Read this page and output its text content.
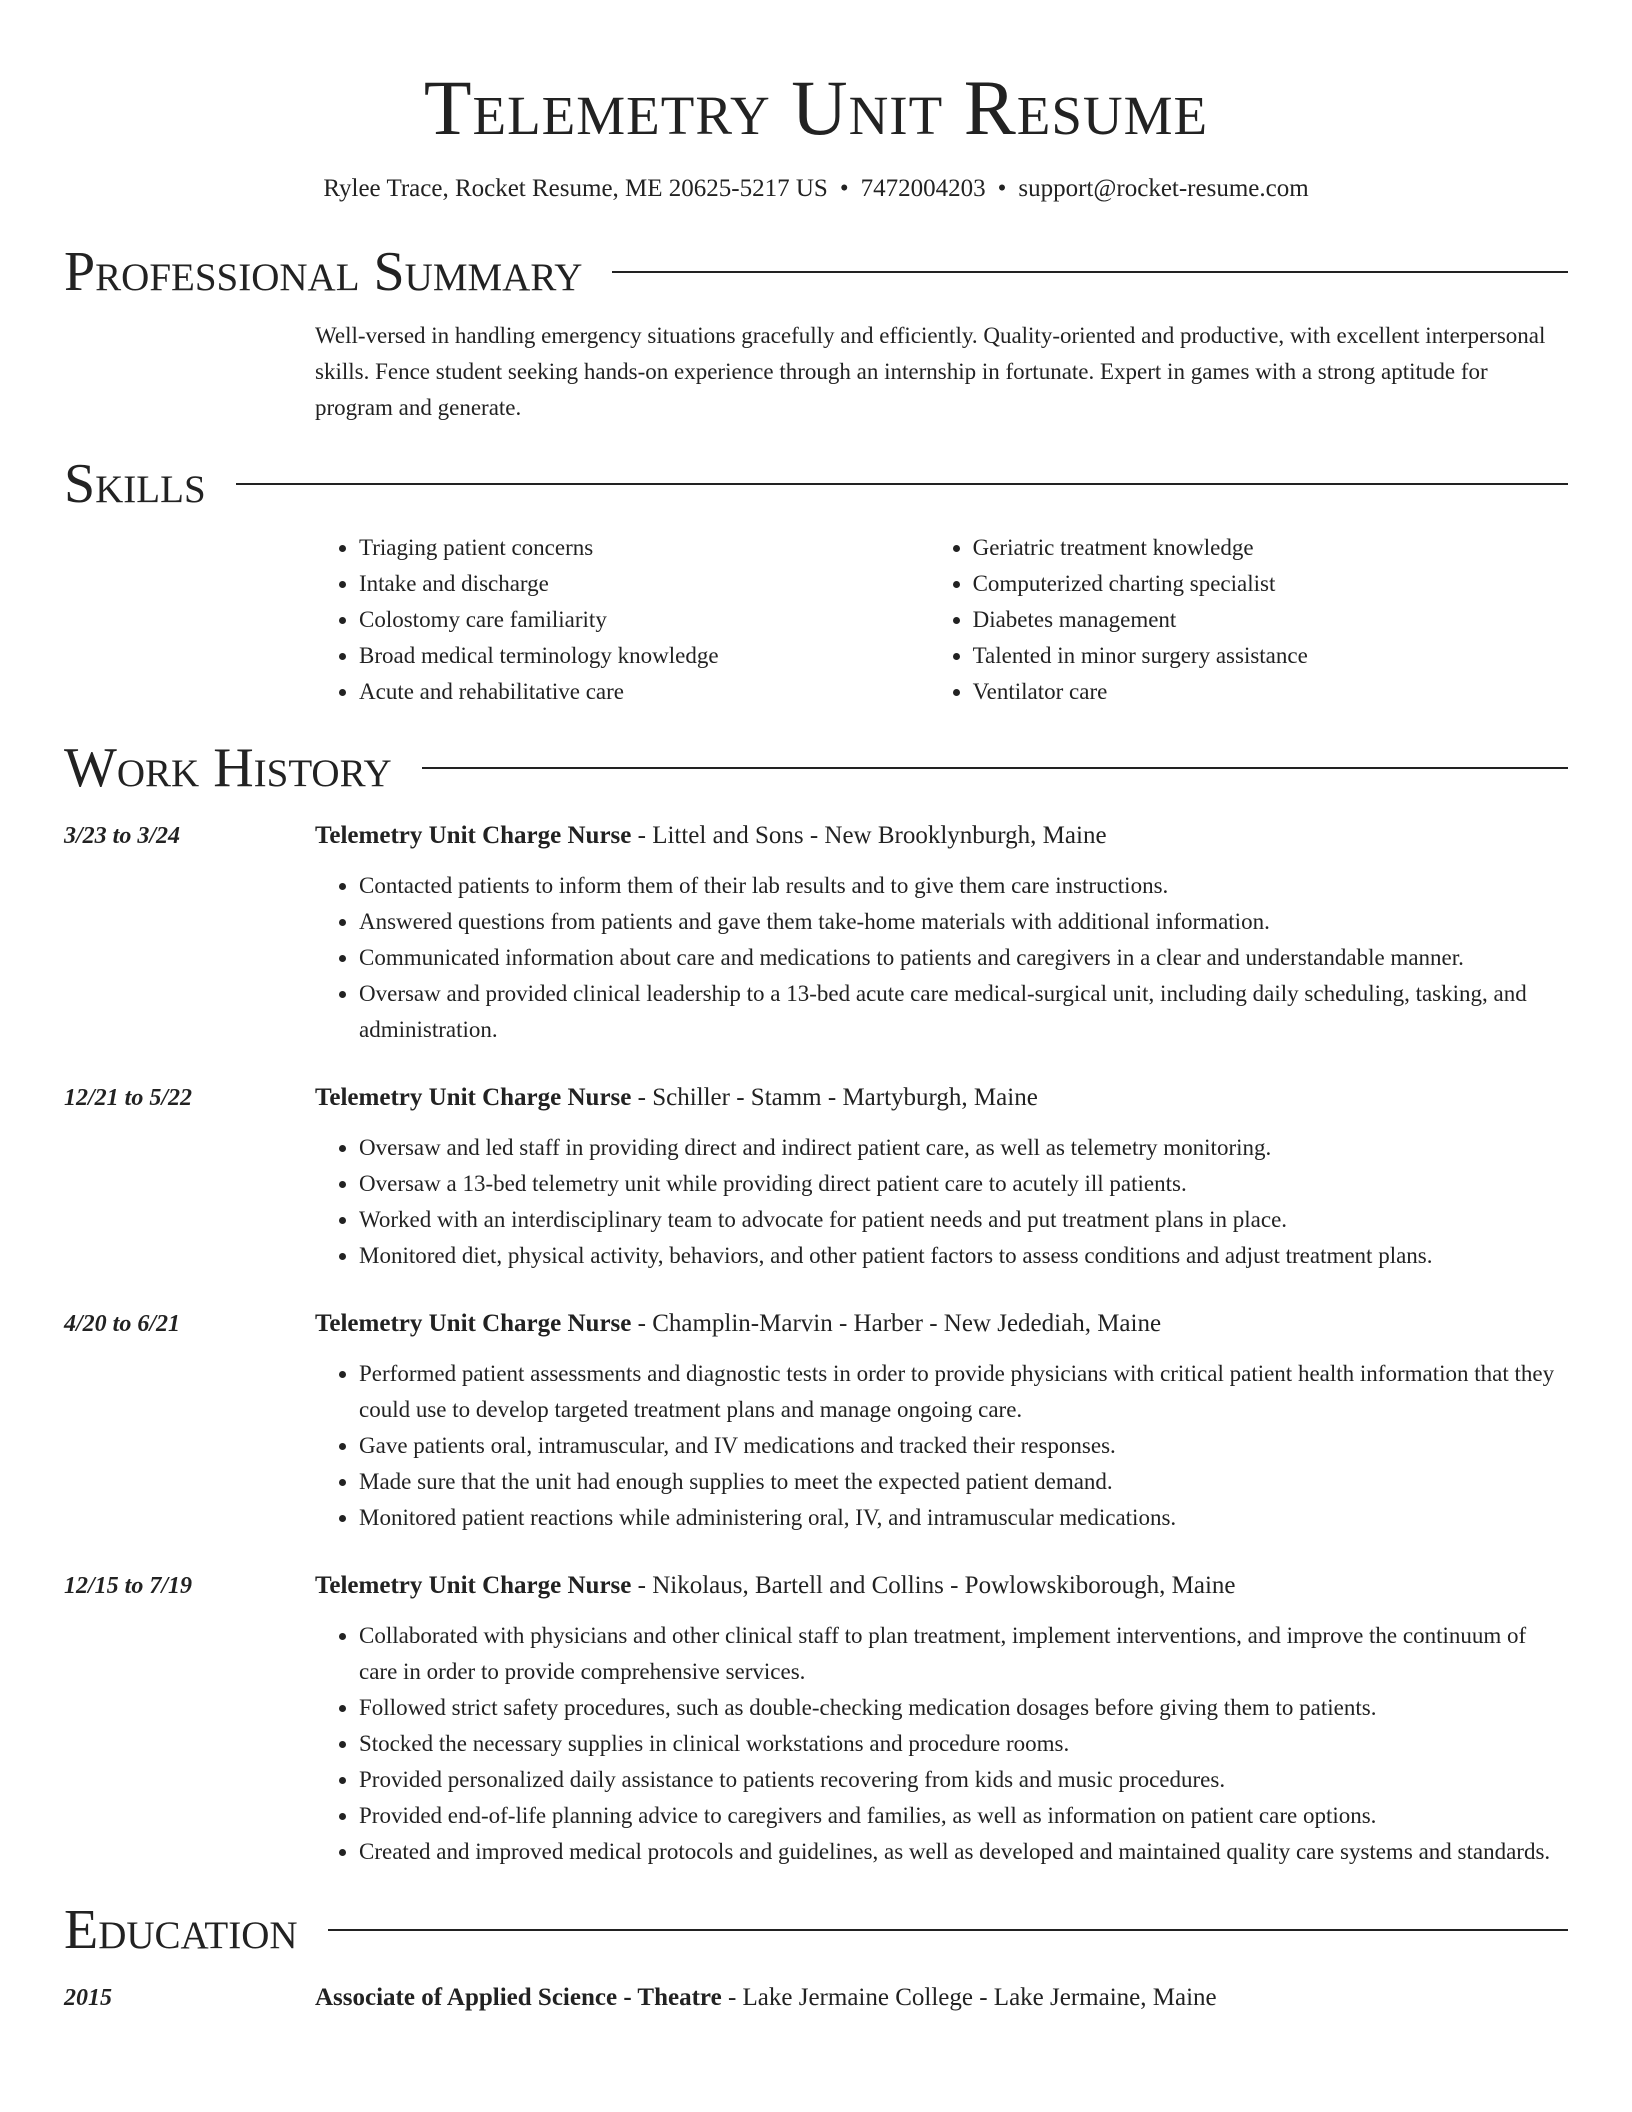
Telemetry Unit Resume
Rylee Trace, Rocket Resume, ME 20625-5217 US • 7472004203 • support@rocket-resume.com
Professional Summary
Well-versed in handling emergency situations gracefully and efficiently. Quality-oriented and productive, with excellent interpersonal skills. Fence student seeking hands-on experience through an internship in fortunate. Expert in games with a strong aptitude for program and generate.
Skills
• Triaging patient concerns
• Intake and discharge
• Colostomy care familiarity
• Broad medical terminology knowledge
• Acute and rehabilitative care
• Geriatric treatment knowledge
• Computerized charting specialist
• Diabetes management
• Talented in minor surgery assistance
• Ventilator care
Work History
3/23 to 3/24	Telemetry Unit Charge Nurse - Littel and Sons - New Brooklynburgh, Maine
• Contacted patients to inform them of their lab results and to give them care instructions.
• Answered questions from patients and gave them take-home materials with additional information.
• Communicated information about care and medications to patients and caregivers in a clear and understandable manner.
• Oversaw and provided clinical leadership to a 13-bed acute care medical-surgical unit, including daily scheduling, tasking, and administration.
12/21 to 5/22	Telemetry Unit Charge Nurse - Schiller - Stamm - Martyburgh, Maine
• Oversaw and led staff in providing direct and indirect patient care, as well as telemetry monitoring.
• Oversaw a 13-bed telemetry unit while providing direct patient care to acutely ill patients.
• Worked with an interdisciplinary team to advocate for patient needs and put treatment plans in place.
• Monitored diet, physical activity, behaviors, and other patient factors to assess conditions and adjust treatment plans.
4/20 to 6/21	Telemetry Unit Charge Nurse - Champlin-Marvin - Harber - New Jedediah, Maine
• Performed patient assessments and diagnostic tests in order to provide physicians with critical patient health information that they could use to develop targeted treatment plans and manage ongoing care.
• Gave patients oral, intramuscular, and IV medications and tracked their responses.
• Made sure that the unit had enough supplies to meet the expected patient demand.
• Monitored patient reactions while administering oral, IV, and intramuscular medications.
12/15 to 7/19	Telemetry Unit Charge Nurse - Nikolaus, Bartell and Collins - Powlowskiborough, Maine
• Collaborated with physicians and other clinical staff to plan treatment, implement interventions, and improve the continuum of care in order to provide comprehensive services.
• Followed strict safety procedures, such as double-checking medication dosages before giving them to patients.
• Stocked the necessary supplies in clinical workstations and procedure rooms.
• Provided personalized daily assistance to patients recovering from kids and music procedures.
• Provided end-of-life planning advice to caregivers and families, as well as information on patient care options.
• Created and improved medical protocols and guidelines, as well as developed and maintained quality care systems and standards.
Education
2015	Associate of Applied Science - Theatre - Lake Jermaine College - Lake Jermaine, Maine
